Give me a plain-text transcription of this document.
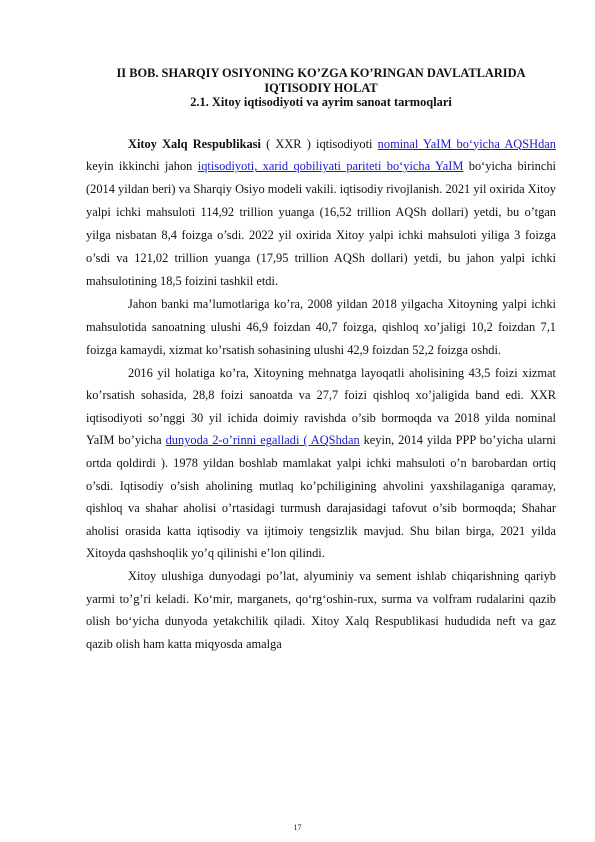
II BOB. SHARQIY OSIYONING KO’ZGA KO’RINGAN DAVLATLARIDA

IQTISODIY HOLAT

2.1. Xitoy iqtisodiyoti va ayrim sanoat tarmoqlari

Xitoy Xalq Respublikasi ( XXR ) iqtisodiyoti nominal YaIM bo‘yicha AQSHdan keyin ikkinchi jahon iqtisodiyoti, xarid qobiliyati pariteti bo‘yicha YaIM bo‘yicha birinchi (2014 yildan beri) va Sharqiy Osiyo modeli vakili. iqtisodiy rivojlanish. 2021 yil oxirida Xitoy yalpi ichki mahsuloti 114,92 trillion yuanga (16,52 trillion AQSh dollari) yetdi, bu o’tgan yilga nisbatan 8,4 foizga o’sdi. 2022 yil oxirida Xitoy yalpi ichki mahsuloti yiliga 3 foizga o’sdi va 121,02 trillion yuanga (17,95 trillion AQSh dollari) yetdi, bu jahon yalpi ichki mahsulotining 18,5 foizini tashkil etdi.

Jahon banki ma’lumotlariga ko’ra, 2008 yildan 2018 yilgacha Xitoyning yalpi ichki mahsulotida sanoatning ulushi 46,9 foizdan 40,7 foizga, qishloq xo’jaligi 10,2 foizdan 7,1 foizga kamaydi, xizmat ko’rsatish sohasining ulushi 42,9 foizdan 52,2 foizga oshdi.

2016 yil holatiga ko’ra, Xitoyning mehnatga layoqatli aholisining 43,5 foizi xizmat ko’rsatish sohasida, 28,8 foizi sanoatda va 27,7 foizi qishloq xo’jaligida band edi. XXR iqtisodiyoti so’nggi 30 yil ichida doimiy ravishda o’sib bormoqda va 2018 yilda nominal YaIM bo’yicha dunyoda 2-o’rinni egalladi ( AQShdan keyin, 2014 yilda PPP bo’yicha ularni ortda qoldirdi ). 1978 yildan boshlab mamlakat yalpi ichki mahsuloti o’n barobardan ortiq o’sdi. Iqtisodiy o’sish aholining mutlaq ko’pchiligining ahvolini yaxshilaganiga qaramay, qishloq va shahar aholisi o’rtasidagi turmush darajasidagi tafovut o’sib bormoqda; Shahar aholisi orasida katta iqtisodiy va ijtimoiy tengsizlik mavjud. Shu bilan birga, 2021 yilda Xitoyda qashshoqlik yo’q qilinishi e’lon qilindi.

Xitoy ulushiga dunyodagi po’lat, alyuminiy va sement ishlab chiqarishning qariyb yarmi to’g’ri keladi. Ko‘mir, marganets, qo‘rg‘oshin-rux, surma va volfram rudalarini qazib olish bo‘yicha dunyoda yetakchilik qiladi. Xitoy Xalq Respublikasi hududida neft va gaz qazib olish ham katta miqyosda amalga

17
